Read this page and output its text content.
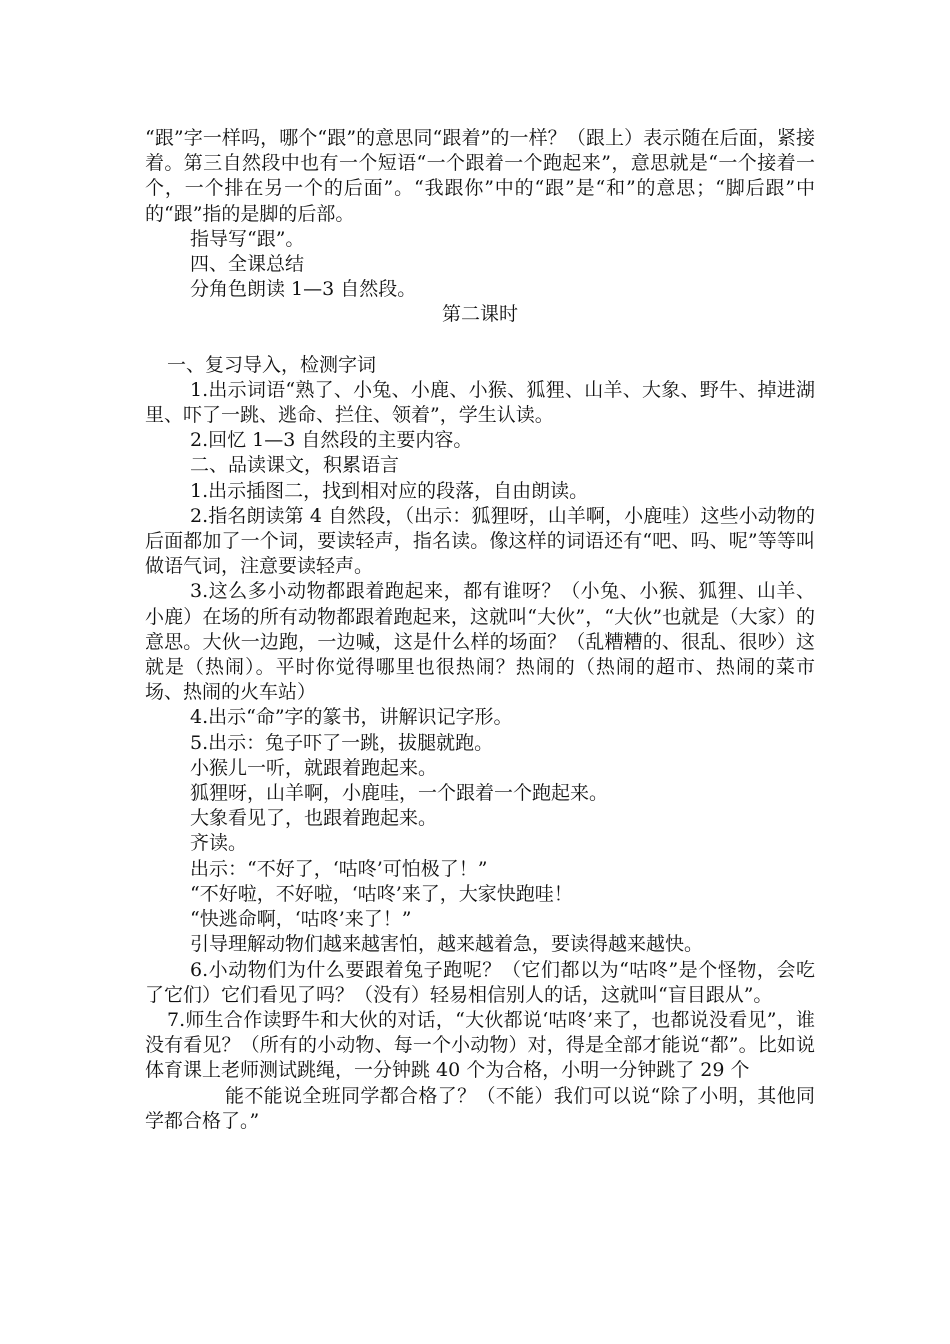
“跟”字一样吗，哪个“跟”的意思同“跟着”的一样？（跟上）表示随在后面，紧接着。第三自然段中也有一个短语“一个跟着一个跑起来”，意思就是“一个接着一个，一个排在另一个的后面”。“我跟你”中的“跟”是“和”的意思；“脚后跟”中的“跟”指的是脚的后部。

指导写“跟”。

四、全课总结

分角色朗读 1—3 自然段。

第二课时

一、复习导入，检测字词

1.出示词语“熟了、小兔、小鹿、小猴、狐狸、山羊、大象、野牛、掉进湖里、吓了一跳、逃命、拦住、领着”，学生认读。

2.回忆 1—3 自然段的主要内容。

二、品读课文，积累语言

1.出示插图二，找到相对应的段落，自由朗读。

2.指名朗读第 4 自然段，（出示：狐狸呀，山羊啊，小鹿哇）这些小动物的后面都加了一个词，要读轻声，指名读。像这样的词语还有“吧、吗、呢”等等叫做语气词，注意要读轻声。

3.这么多小动物都跟着跑起来，都有谁呀？（小兔、小猴、狐狸、山羊、小鹿）在场的所有动物都跟着跑起来，这就叫“大伙”，“大伙”也就是（大家）的意思。大伙一边跑，一边喊，这是什么样的场面？（乱糟糟的、很乱、很吵）这就是（热闹）。平时你觉得哪里也很热闹？热闹的（热闹的超市、热闹的菜市场、热闹的火车站）

4.出示“命”字的篆书，讲解识记字形。

5.出示：兔子吓了一跳，拔腿就跑。

小猴儿一听，就跟着跑起来。

狐狸呀，山羊啊，小鹿哇，一个跟着一个跑起来。

大象看见了，也跟着跑起来。

齐读。

出示：“不好了，‘咕咚’可怕极了！”

“不好啦，不好啦，‘咕咚’来了，大家快跑哇！

“快逃命啊，‘咕咚’来了！”

引导理解动物们越来越害怕，越来越着急，要读得越来越快。

6.小动物们为什么要跟着兔子跑呢？（它们都以为“咕咚”是个怪物，会吃了它们）它们看见了吗？（没有）轻易相信别人的话，这就叫“盲目跟从”。

7.师生合作读野牛和大伙的对话，“大伙都说‘咕咚’来了，也都说没看见”，谁没有看见？（所有的小动物、每一个小动物）对，得是全部才能说“都”。比如说体育课上老师测试跳绳，一分钟跳 40 个为合格，小明一分钟跳了 29 个

能不能说全班同学都合格了？（不能）我们可以说“除了小明，其他同学都合格了。”
